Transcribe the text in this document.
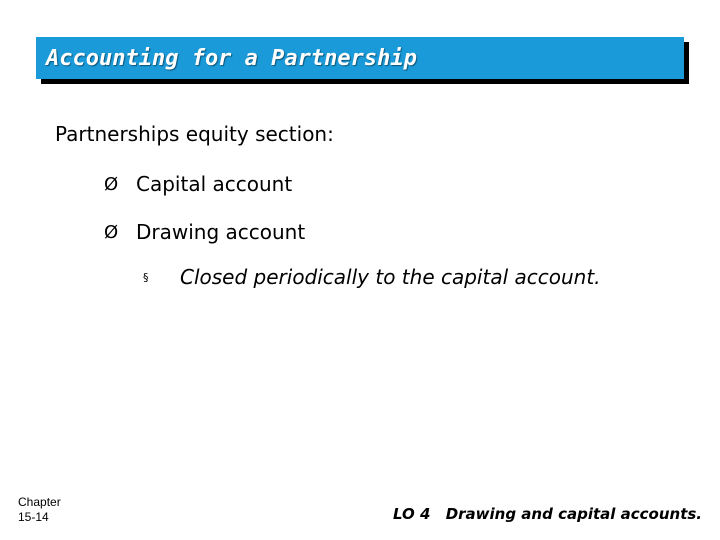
Accounting for a Partnership
Partnerships equity section:
Ø Capital account
Ø Drawing account
§	Closed periodically to the capital account.
Chapter
15-14	LO 4 Drawing and capital accounts.
